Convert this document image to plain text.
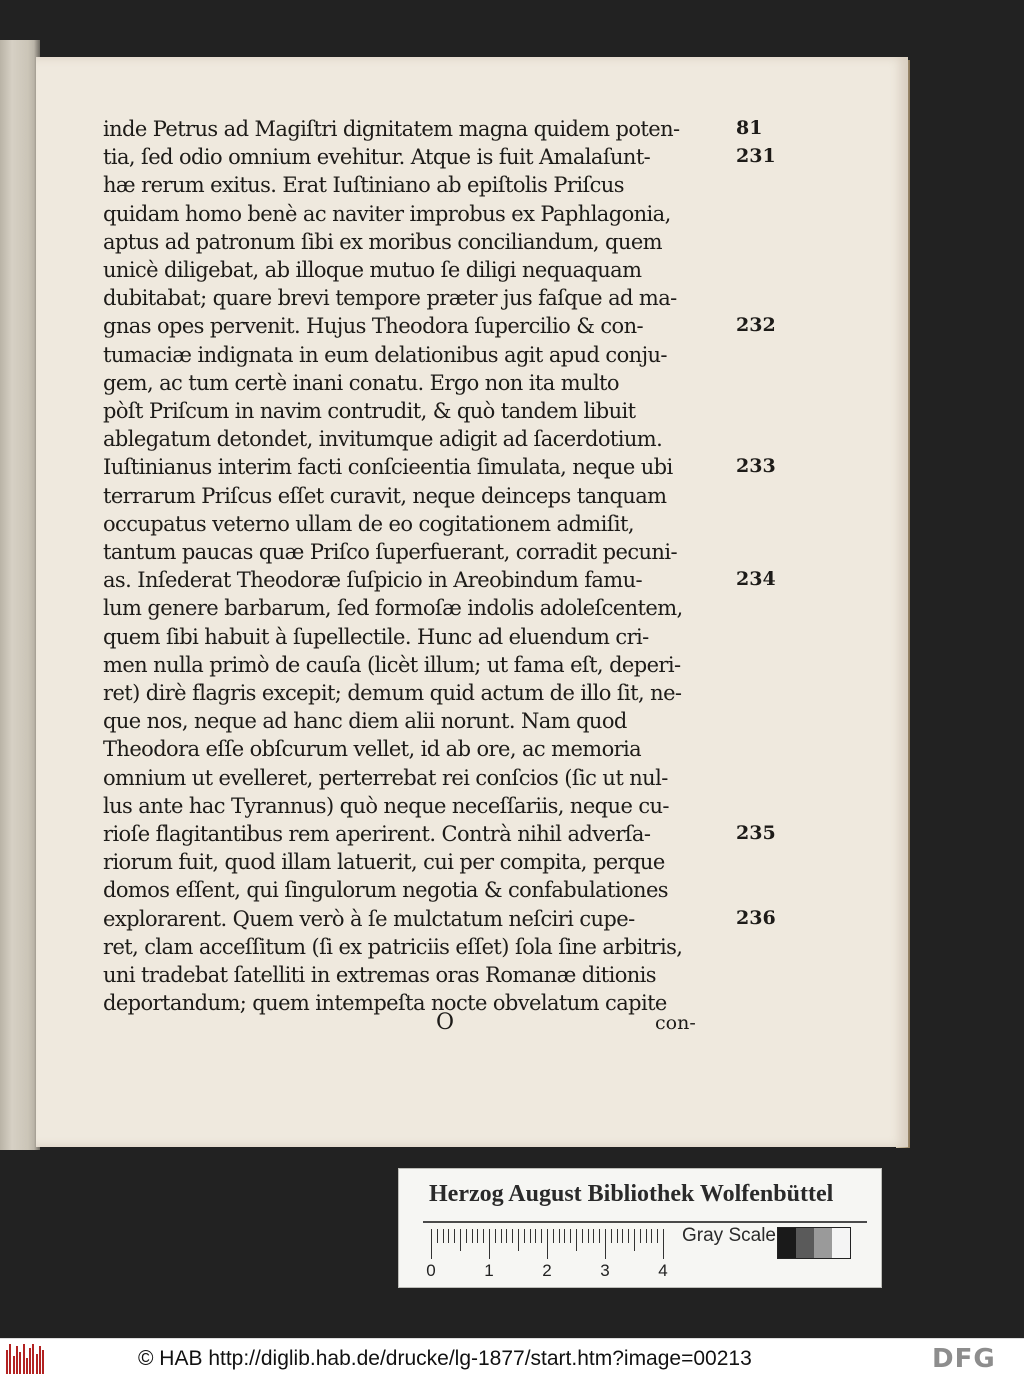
inde Petrus ad Magiſtri dignitatem magna quidem poten-
tia, ſed odio omnium evehitur. Atque is fuit Amalaſunt-
hæ rerum exitus. Erat Iuſtiniano ab epiſtolis Priſcus
quidam homo benè ac naviter improbus ex Paphlagonia,
aptus ad patronum ſibi ex moribus conciliandum, quem
unicè diligebat, ab illoque mutuo ſe diligi nequaquam
dubitabat; quare brevi tempore præter jus faſque ad ma-
gnas opes pervenit. Hujus Theodora ſupercilio & con-
tumaciæ indignata in eum delationibus agit apud conju-
gem, ac tum certè inani conatu. Ergo non ita multo
pòſt Priſcum in navim contrudit, & quò tandem libuit
ablegatum detondet, invitumque adigit ad ſacerdotium.
Iuſtinianus interim facti conſcieentia ſimulata, neque ubi
terrarum Priſcus eſſet curavit, neque deinceps tanquam
occupatus veterno ullam de eo cogitationem admiſit,
tantum paucas quæ Priſco ſuperfuerant, corradit pecuni-
as. Inſederat Theodoræ ſuſpicio in Areobindum famu-
lum genere barbarum, ſed formoſæ indolis adoleſcentem,
quem ſibi habuit à ſupellectile. Hunc ad eluendum cri-
men nulla primò de cauſa (licèt illum; ut fama eſt, deperi-
ret) dirè flagris excepit; demum quid actum de illo ſit, ne-
que nos, neque ad hanc diem alii norunt. Nam quod
Theodora eſſe obſcurum vellet, id ab ore, ac memoria
omnium ut evelleret, perterrebat rei conſcios (ſic ut nul-
lus ante hac Tyrannus) quò neque neceſſariis, neque cu-
rioſe flagitantibus rem aperirent. Contrà nihil adverſa-
riorum fuit, quod illam latuerit, cui per compita, perque
domos eſſent, qui ſingulorum negotia & confabulationes
explorarent. Quem verò à ſe mulctatum neſciri cupe-
ret, clam acceſſitum (ſi ex patriciis eſſet) ſola ſine arbitris,
uni tradebat ſatelliti in extremas oras Romanæ ditionis
deportandum; quem intempeſta nocte obvelatum capite
81
231
232
233
234
235
236
O	con-
Herzog August Bibliothek Wolfenbüttel
0	1	2	3	4
Gray Scale
© HAB http://diglib.hab.de/drucke/lg-1877/start.htm?image=00213	DFG
